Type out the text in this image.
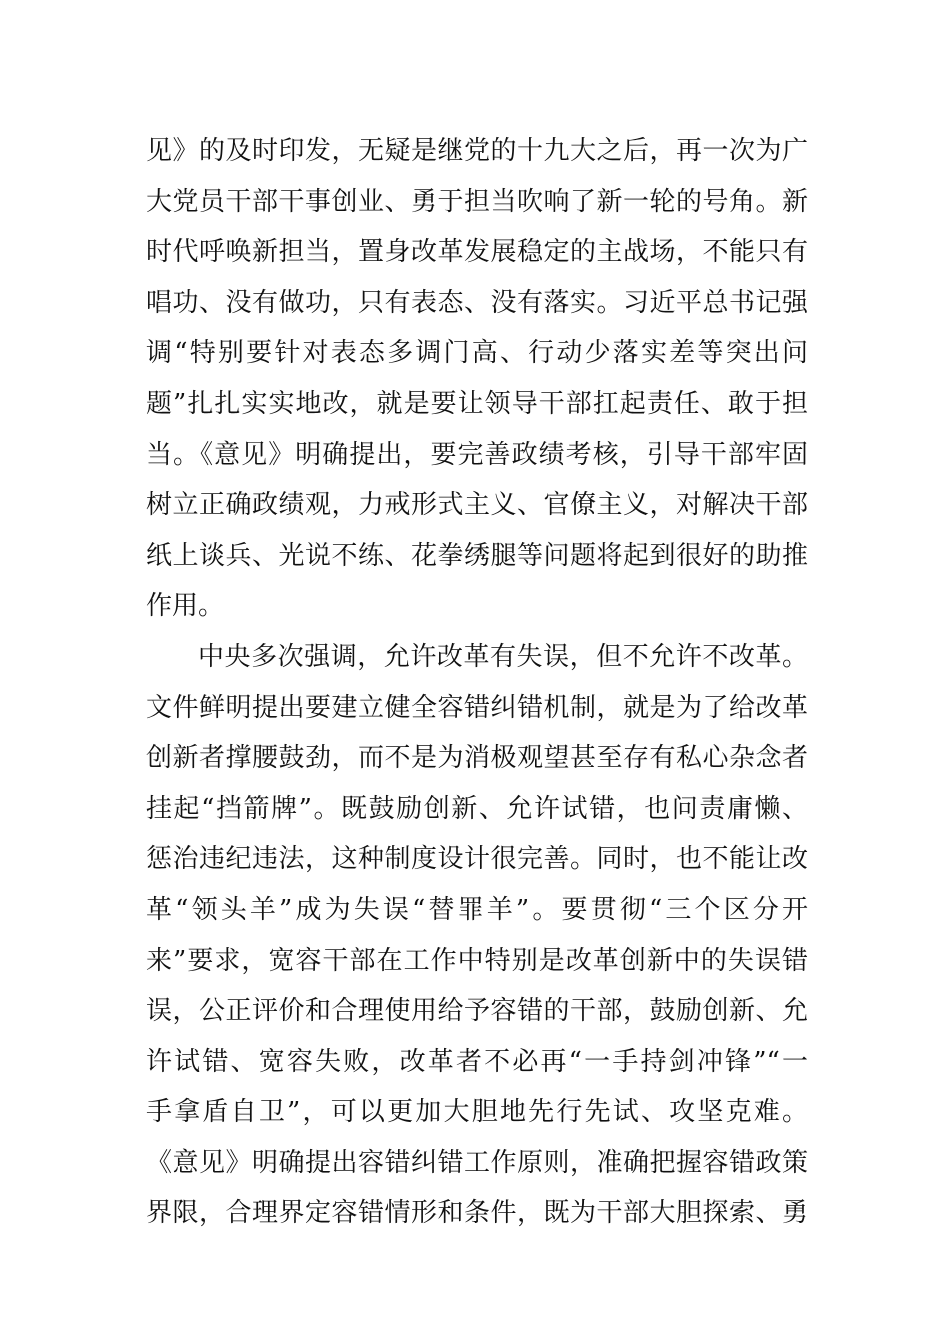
见》的及时印发，无疑是继党的十九大之后，再一次为广
大党员干部干事创业、勇于担当吹响了新一轮的号角。新
时代呼唤新担当，置身改革发展稳定的主战场，不能只有
唱功、没有做功，只有表态、没有落实。习近平总书记强
调“特别要针对表态多调门高、行动少落实差等突出问
题”扎扎实实地改，就是要让领导干部扛起责任、敢于担
当。《意见》明确提出，要完善政绩考核，引导干部牢固
树立正确政绩观，力戒形式主义、官僚主义，对解决干部
纸上谈兵、光说不练、花拳绣腿等问题将起到很好的助推
作用。
中央多次强调，允许改革有失误，但不允许不改革。
文件鲜明提出要建立健全容错纠错机制，就是为了给改革
创新者撑腰鼓劲，而不是为消极观望甚至存有私心杂念者
挂起“挡箭牌”。既鼓励创新、允许试错，也问责庸懒、
惩治违纪违法，这种制度设计很完善。同时，也不能让改
革“领头羊”成为失误“替罪羊”。要贯彻“三个区分开
来”要求，宽容干部在工作中特别是改革创新中的失误错
误，公正评价和合理使用给予容错的干部，鼓励创新、允
许试错、宽容失败，改革者不必再“一手持剑冲锋”“一
手拿盾自卫”，可以更加大胆地先行先试、攻坚克难。
《意见》明确提出容错纠错工作原则，准确把握容错政策
界限，合理界定容错情形和条件，既为干部大胆探索、勇
